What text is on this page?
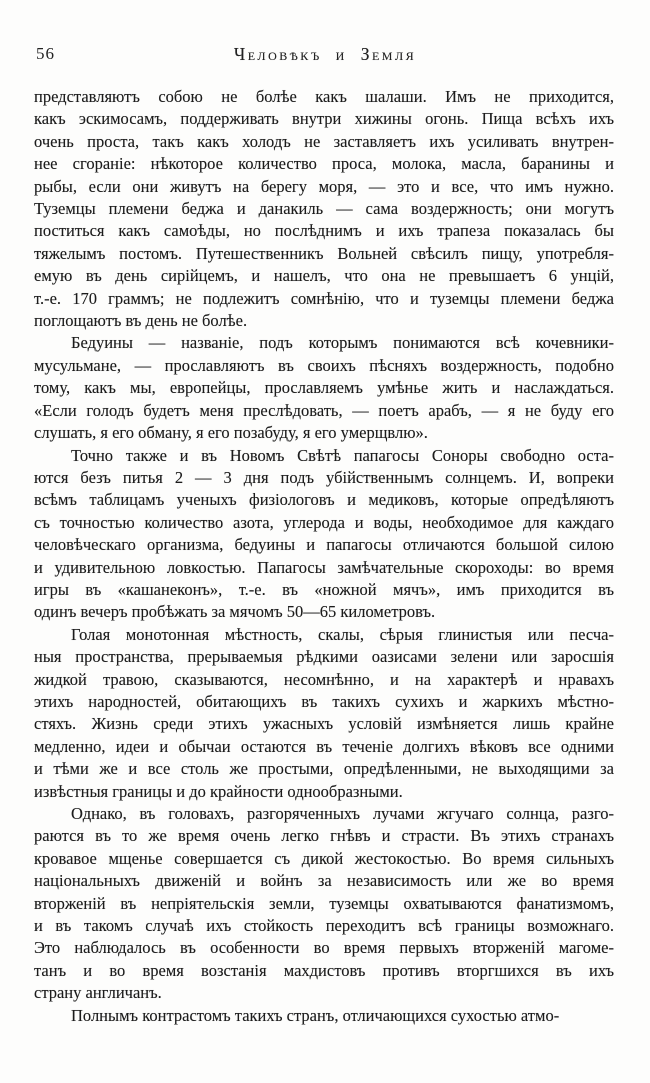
56	Человѣкъ и Земля
представляютъ собою не болѣе какъ шалаши. Имъ не приходится,
какъ эскимосамъ, поддерживать внутри хижины огонь. Пища всѣхъ ихъ
очень проста, такъ какъ холодъ не заставляетъ ихъ усиливать внутрен-
нее сгораніе: нѣкоторое количество проса, молока, масла, баранины и
рыбы, если они живутъ на берегу моря, — это и все, что имъ нужно.
Туземцы племени беджа и данакиль — сама воздержность; они могутъ
поститься какъ самоѣды, но послѣднимъ и ихъ трапеза показалась бы
тяжелымъ постомъ. Путешественникъ Вольней свѣсилъ пищу, употребля-
емую въ день сирійцемъ, и нашелъ, что она не превышаетъ 6 унцій,
т.-е. 170 граммъ; не подлежитъ сомнѣнію, что и туземцы племени беджа
поглощаютъ въ день не болѣе.
Бедуины — названіе, подъ которымъ понимаются всѣ кочевники-
мусульмане, — прославляютъ въ своихъ пѣсняхъ воздержность, подобно
тому, какъ мы, европейцы, прославляемъ умѣнье жить и наслаждаться.
«Если голодъ будетъ меня преслѣдовать, — поетъ арабъ, — я не буду его
слушать, я его обману, я его позабуду, я его умерщвлю».
Точно также и въ Новомъ Свѣтѣ папагосы Соноры свободно оста-
ются безъ питья 2 — 3 дня подъ убійственнымъ солнцемъ. И, вопреки
всѣмъ таблицамъ ученыхъ физіологовъ и медиковъ, которые опредѣляютъ
съ точностью количество азота, углерода и воды, необходимое для каждаго
человѣческаго организма, бедуины и папагосы отличаются большой силою
и удивительною ловкостью. Папагосы замѣчательные скороходы: во время
игры въ «кашанеконъ», т.-е. въ «ножной мячъ», имъ приходится въ
одинъ вечеръ пробѣжать за мячомъ 50—65 километровъ.
Голая монотонная мѣстность, скалы, сѣрыя глинистыя или песча-
ныя пространства, прерываемыя рѣдкими оазисами зелени или заросшія
жидкой травою, сказываются, несомнѣнно, и на характерѣ и нравахъ
этихъ народностей, обитающихъ въ такихъ сухихъ и жаркихъ мѣстно-
стяхъ. Жизнь среди этихъ ужасныхъ условій измѣняется лишь крайне
медленно, идеи и обычаи остаются въ теченіе долгихъ вѣковъ все одними
и тѣми же и все столь же простыми, опредѣленными, не выходящими за
извѣстныя границы и до крайности однообразными.
Однако, въ головахъ, разгоряченныхъ лучами жгучаго солнца, разго-
раются въ то же время очень легко гнѣвъ и страсти. Въ этихъ странахъ
кровавое мщенье совершается съ дикой жестокостью. Во время сильныхъ
національныхъ движеній и войнъ за независимость или же во время
вторженій въ непріятельскія земли, туземцы охватываются фанатизмомъ,
и въ такомъ случаѣ ихъ стойкость переходитъ всѣ границы возможнаго.
Это наблюдалось въ особенности во время первыхъ вторженій магоме-
танъ и во время возстанія махдистовъ противъ вторгшихся въ ихъ
страну англичанъ.
Полнымъ контрастомъ такихъ странъ, отличающихся сухостью атмо-
